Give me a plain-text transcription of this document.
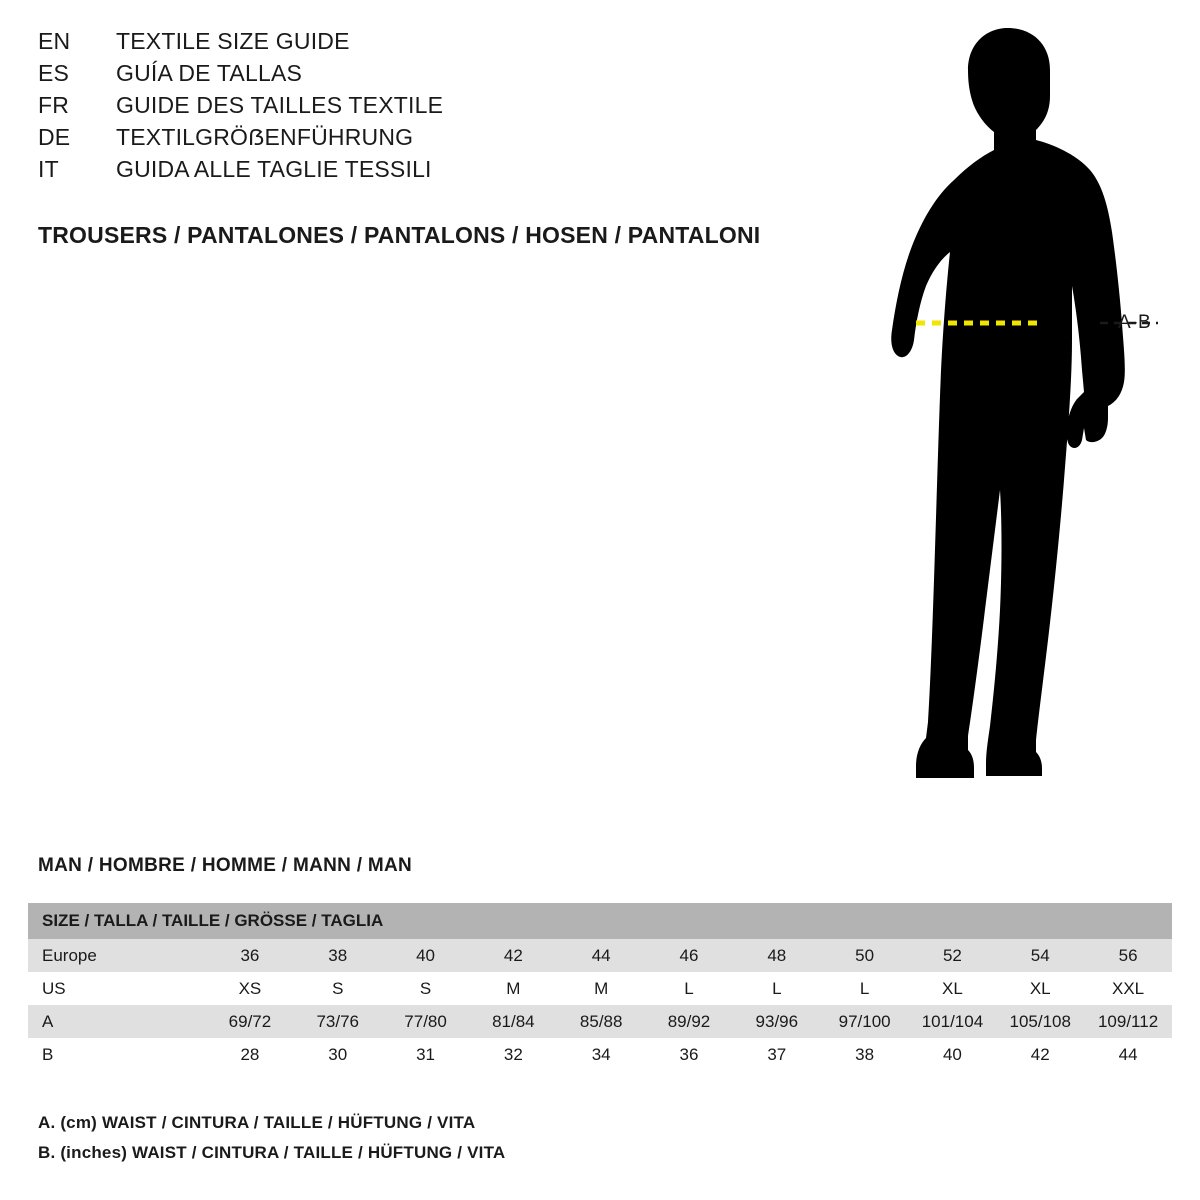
EN	TEXTILE SIZE GUIDE
ES	GUÍA DE TALLAS
FR	GUIDE DES TAILLES TEXTILE
DE	TEXTILGRÖẞENFÜHRUNG
IT	GUIDA ALLE TAGLIE TESSILI
TROUSERS / PANTALONES / PANTALONS / HOSEN / PANTALONI
A-B
MAN / HOMBRE / HOMME / MANN / MAN
SIZE / TALLA / TAILLE / GRÖSSE / TAGLIA											
Europe	36	38	40	42	44	46	48	50	52	54	56
US	XS	S	S	M	M	L	L	L	XL	XL	XXL
A	69/72	73/76	77/80	81/84	85/88	89/92	93/96	97/100	101/104	105/108	109/112
B	28	30	31	32	34	36	37	38	40	42	44
A. (cm) WAIST / CINTURA / TAILLE / HÜFTUNG / VITA
B. (inches) WAIST / CINTURA / TAILLE / HÜFTUNG / VITA
